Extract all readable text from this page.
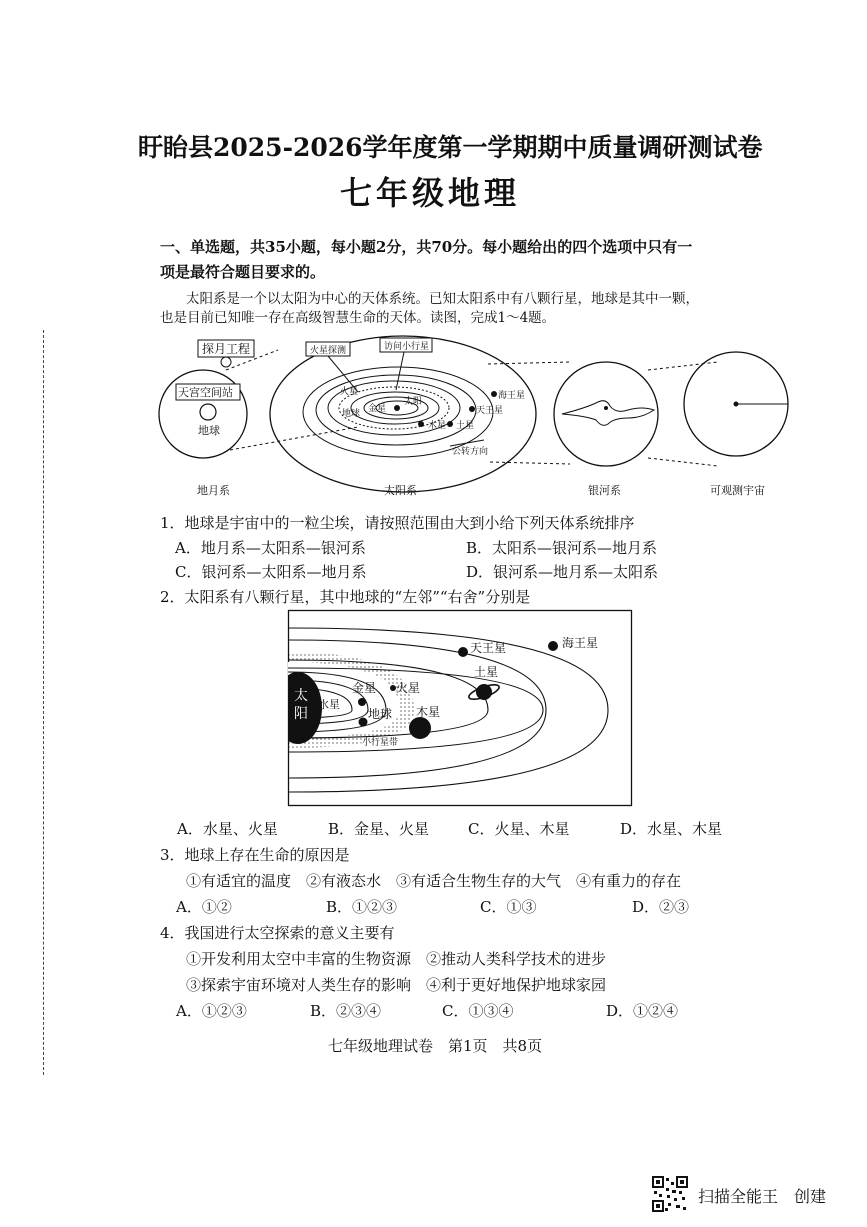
盱眙县2025-2026学年度第一学期期中质量调研测试卷
七年级地理
一、单选题，共35小题，每小题2分，共70分。每小题给出的四个选项中只有一
项是最符合题目要求的。
太阳系是一个以太阳为中心的天体系统。已知太阳系中有八颗行星，地球是其中一颗，
也是目前已知唯一存在高级智慧生命的天体。读图，完成1～4题。
探月工程
天宫空间站
地球
火星探测	访问小行星
海王星
天王星
土星
火星
金星
太阳
木星
地球
公转方向
地月系	太阳系	银河系	可观测宇宙
1．地球是宇宙中的一粒尘埃，请按照范围由大到小给下列天体系统排序
A．地月系—太阳系—银河系	B．太阳系—银河系—地月系
C．银河系—太阳系—地月系	D．银河系—地月系—太阳系
2．太阳系有八颗行星，其中地球的“左邻”“右舍”分别是
太
阳
水星
金星
地球
火星
木星
小行星带
土星
天王星	海王星
A．水星、火星	B．金星、火星	C．火星、木星	D．水星、木星
3．地球上存在生命的原因是
①有适宜的温度　②有液态水　③有适合生物生存的大气　④有重力的存在
A．①②	B．①②③	C．①③	D．②③
4．我国进行太空探索的意义主要有
①开发利用太空中丰富的生物资源　②推动人类科学技术的进步
③探索宇宙环境对人类生存的影响　④利于更好地保护地球家园
A．①②③	B．②③④	C．①③④	D．①②④
七年级地理试卷　第1页　共8页
扫描全能王　创建
